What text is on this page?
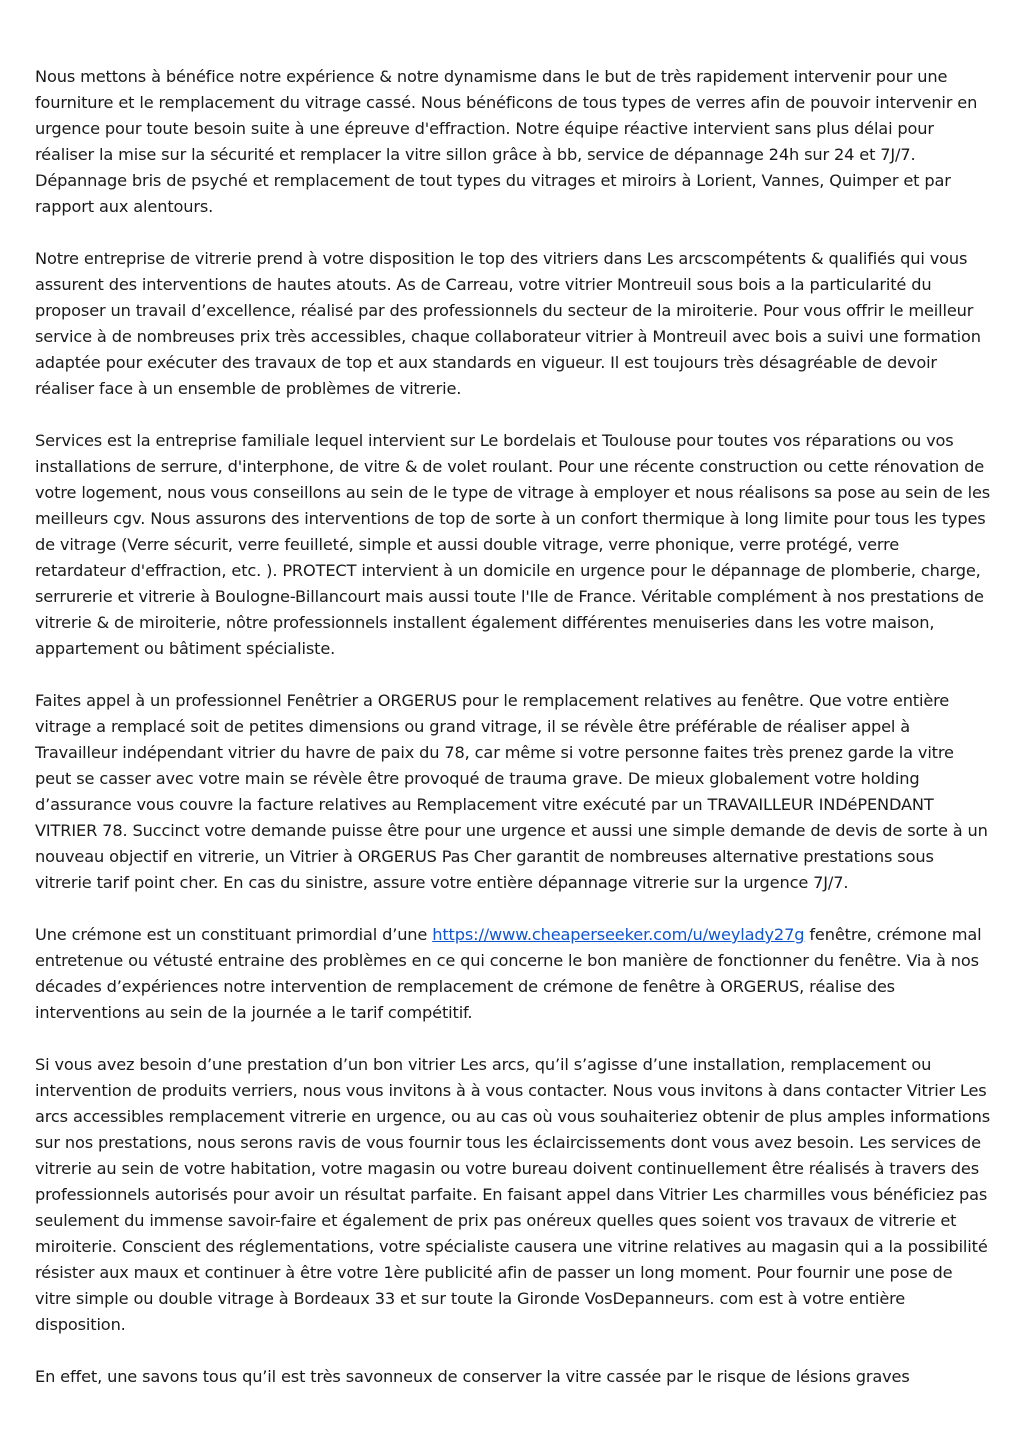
Nous mettons à bénéfice notre expérience & notre dynamisme dans le but de très rapidement intervenir pour une fourniture et le remplacement du vitrage cassé. Nous bénéficons de tous types de verres afin de pouvoir intervenir en urgence pour toute besoin suite à une épreuve d'effraction. Notre équipe réactive intervient sans plus délai pour réaliser la mise sur la sécurité et remplacer la vitre sillon grâce à bb, service de dépannage 24h sur 24 et 7J/7. Dépannage bris de psyché et remplacement de tout types du vitrages et miroirs à Lorient, Vannes, Quimper et par rapport aux alentours.

Notre entreprise de vitrerie prend à votre disposition le top des vitriers dans Les arcscompétents & qualifiés qui vous assurent des interventions de hautes atouts. As de Carreau, votre vitrier Montreuil sous bois a la particularité du proposer un travail d’excellence, réalisé par des professionnels du secteur de la miroiterie. Pour vous offrir le meilleur service à de nombreuses prix très accessibles, chaque collaborateur vitrier à Montreuil avec bois a suivi une formation adaptée pour exécuter des travaux de top et aux standards en vigueur. Il est toujours très désagréable de devoir réaliser face à un ensemble de problèmes de vitrerie.

Services est la entreprise familiale lequel intervient sur Le bordelais et Toulouse pour toutes vos réparations ou vos installations de serrure, d'interphone, de vitre & de volet roulant. Pour une récente construction ou cette rénovation de votre logement, nous vous conseillons au sein de le type de vitrage à employer et nous réalisons sa pose au sein de les meilleurs cgv. Nous assurons des interventions de top de sorte à un confort thermique à long limite pour tous les types de vitrage (Verre sécurit, verre feuilleté, simple et aussi double vitrage, verre phonique, verre protégé, verre retardateur d'effraction, etc. ). PROTECT intervient à un domicile en urgence pour le dépannage de plomberie, charge, serrurerie et vitrerie à Boulogne-Billancourt mais aussi toute l'Ile de France. Véritable complément à nos prestations de vitrerie & de miroiterie, nôtre professionnels installent également différentes menuiseries dans les votre maison, appartement ou bâtiment spécialiste.

Faites appel à un professionnel Fenêtrier a ORGERUS pour le remplacement relatives au fenêtre. Que votre entière vitrage a remplacé soit de petites dimensions ou grand vitrage, il se révèle être préférable de réaliser appel à Travailleur indépendant vitrier du havre de paix du 78, car même si votre personne faites très prenez garde la vitre peut se casser avec votre main se révèle être provoqué de trauma grave. De mieux globalement votre holding d’assurance vous couvre la facture relatives au Remplacement vitre exécuté par un TRAVAILLEUR INDéPENDANT VITRIER 78. Succinct votre demande puisse être pour une urgence et aussi une simple demande de devis de sorte à un nouveau objectif en vitrerie, un Vitrier à ORGERUS Pas Cher garantit de nombreuses alternative prestations sous vitrerie tarif point cher. En cas du sinistre, assure votre entière dépannage vitrerie sur la urgence 7J/7.

Une crémone est un constituant primordial d’une https://www.cheaperseeker.com/u/weylady27g fenêtre, crémone mal entretenue ou vétusté entraine des problèmes en ce qui concerne le bon manière de fonctionner du fenêtre. Via à nos décades d’expériences notre intervention de remplacement de crémone de fenêtre à ORGERUS, réalise des interventions au sein de la journée a le tarif compétitif.

Si vous avez besoin d’une prestation d’un bon vitrier Les arcs, qu’il s’agisse d’une installation, remplacement ou intervention de produits verriers, nous vous invitons à à vous contacter. Nous vous invitons à dans contacter Vitrier Les arcs accessibles remplacement vitrerie en urgence, ou au cas où vous souhaiteriez obtenir de plus amples informations sur nos prestations, nous serons ravis de vous fournir tous les éclaircissements dont vous avez besoin. Les services de vitrerie au sein de votre habitation, votre magasin ou votre bureau doivent continuellement être réalisés à travers des professionnels autorisés pour avoir un résultat parfaite. En faisant appel dans Vitrier Les charmilles vous bénéficiez pas seulement du immense savoir-faire et également de prix pas onéreux quelles ques soient vos travaux de vitrerie et miroiterie. Conscient des réglementations, votre spécialiste causera une vitrine relatives au magasin qui a la possibilité résister aux maux et continuer à être votre 1ère publicité afin de passer un long moment. Pour fournir une pose de vitre simple ou double vitrage à Bordeaux 33 et sur toute la Gironde VosDepanneurs. com est à votre entière disposition.

En effet, une savons tous qu’il est très savonneux de conserver la vitre cassée par le risque de lésions graves
